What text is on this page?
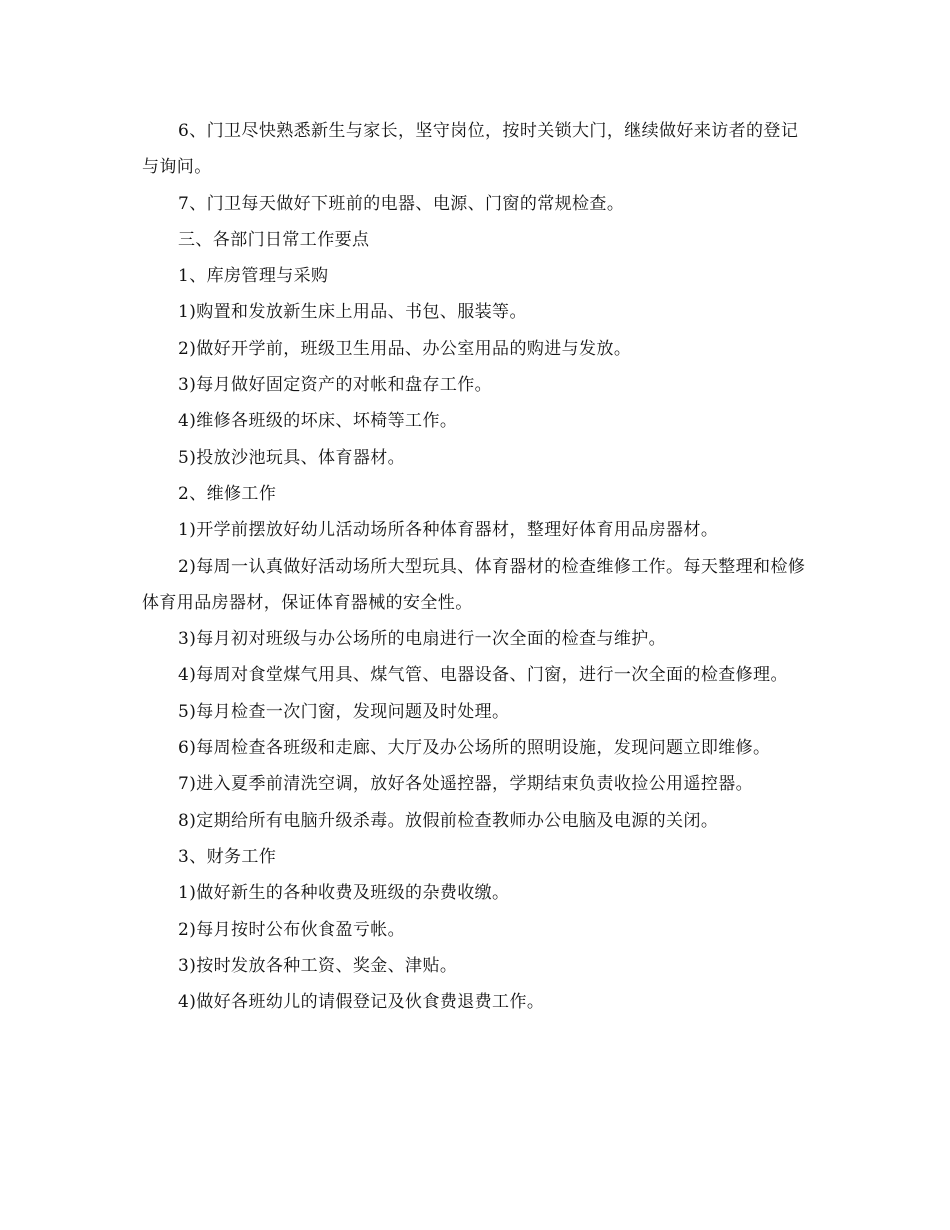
6、门卫尽快熟悉新生与家长，坚守岗位，按时关锁大门，继续做好来访者的登记与询问。

7、门卫每天做好下班前的电器、电源、门窗的常规检查。

三、各部门日常工作要点

1、库房管理与采购

1)购置和发放新生床上用品、书包、服装等。

2)做好开学前，班级卫生用品、办公室用品的购进与发放。

3)每月做好固定资产的对帐和盘存工作。

4)维修各班级的坏床、坏椅等工作。

5)投放沙池玩具、体育器材。

2、维修工作

1)开学前摆放好幼儿活动场所各种体育器材，整理好体育用品房器材。

2)每周一认真做好活动场所大型玩具、体育器材的检查维修工作。每天整理和检修体育用品房器材，保证体育器械的安全性。

3)每月初对班级与办公场所的电扇进行一次全面的检查与维护。

4)每周对食堂煤气用具、煤气管、电器设备、门窗，进行一次全面的检查修理。

5)每月检查一次门窗，发现问题及时处理。

6)每周检查各班级和走廊、大厅及办公场所的照明设施，发现问题立即维修。

7)进入夏季前清洗空调，放好各处遥控器，学期结束负责收捡公用遥控器。

8)定期给所有电脑升级杀毒。放假前检查教师办公电脑及电源的关闭。

3、财务工作

1)做好新生的各种收费及班级的杂费收缴。

2)每月按时公布伙食盈亏帐。

3)按时发放各种工资、奖金、津贴。

4)做好各班幼儿的请假登记及伙食费退费工作。
